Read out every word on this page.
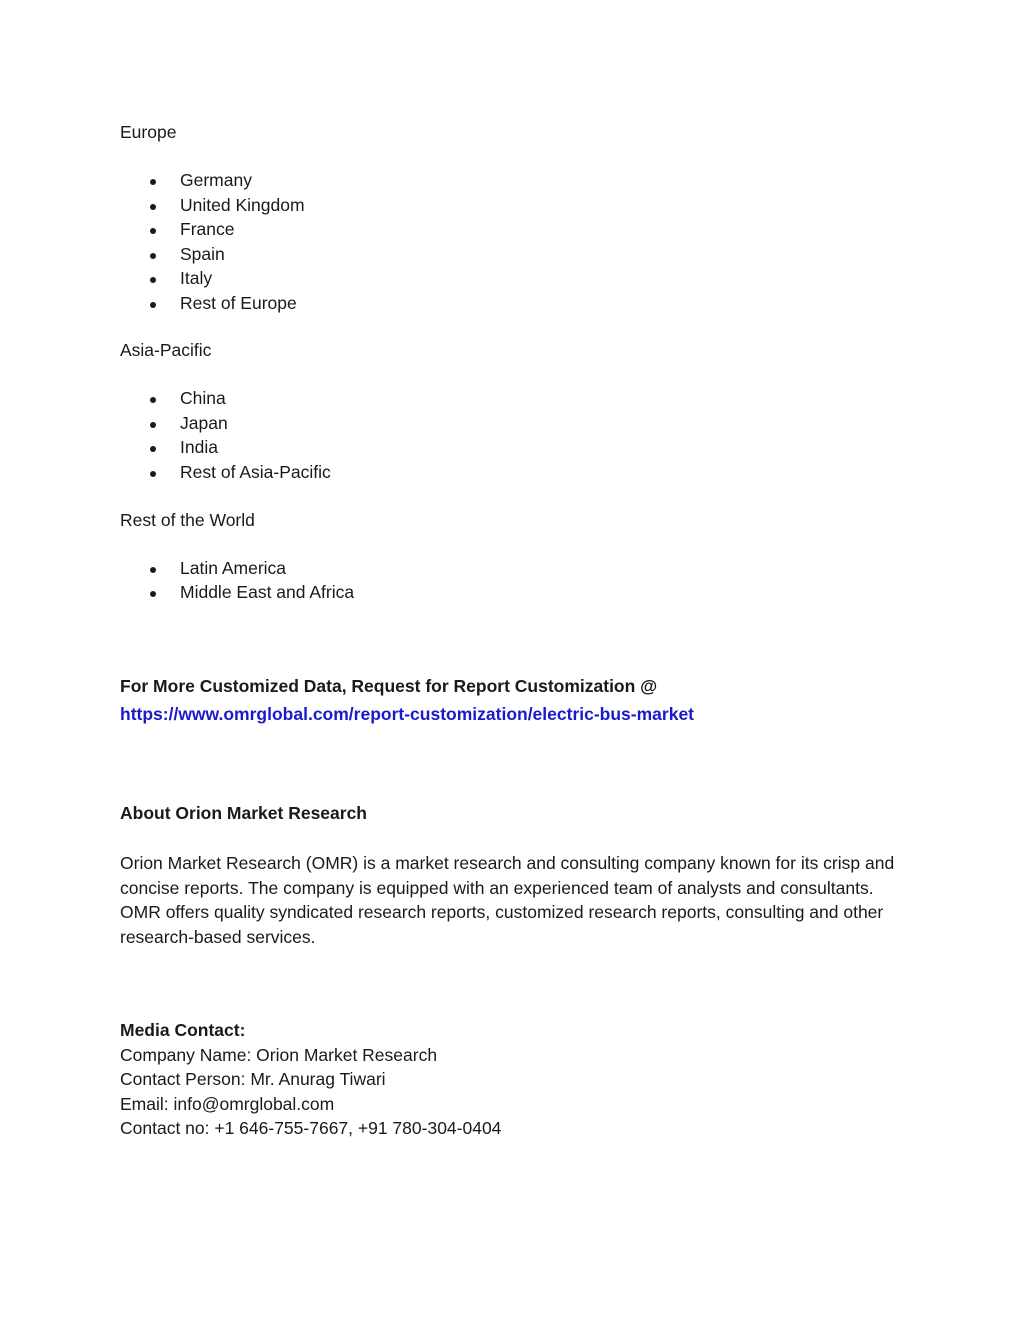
Europe
Germany
United Kingdom
France
Spain
Italy
Rest of Europe
Asia-Pacific
China
Japan
India
Rest of Asia-Pacific
Rest of the World
Latin America
Middle East and Africa
For More Customized Data, Request for Report Customization @
https://www.omrglobal.com/report-customization/electric-bus-market
About Orion Market Research
Orion Market Research (OMR) is a market research and consulting company known for its crisp and concise reports. The company is equipped with an experienced team of analysts and consultants. OMR offers quality syndicated research reports, customized research reports, consulting and other research-based services.
Media Contact:
Company Name: Orion Market Research
Contact Person: Mr. Anurag Tiwari
Email: info@omrglobal.com
Contact no: +1 646-755-7667, +91 780-304-0404
